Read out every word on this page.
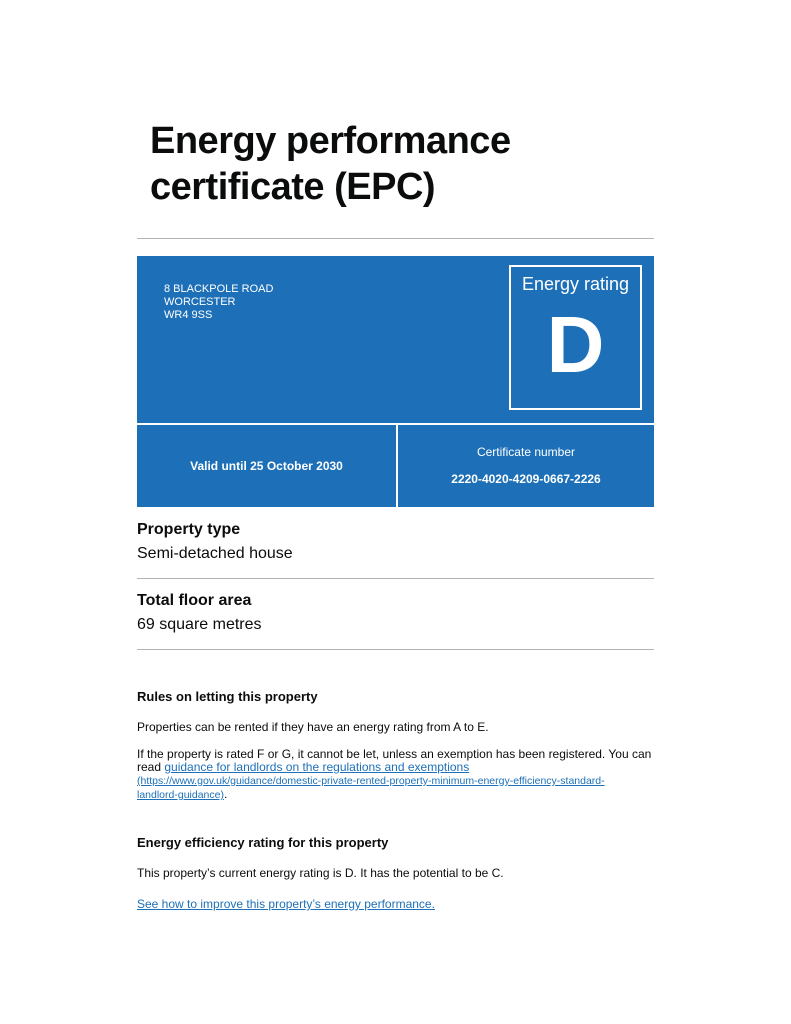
Energy performance
certificate (EPC)
8 BLACKPOLE ROAD
WORCESTER
WR4 9SS
Energy rating
D
Valid until 25 October 2030
Certificate number
2220-4020-4209-0667-2226

Property type

Semi-detached house

Total floor area

69 square metres

Rules on letting this property

Properties can be rented if they have an energy rating from A to E.

If the property is rated F or G, it cannot be let, unless an exemption has been registered. You can read guidance for landlords on the regulations and exemptions
(https://www.gov.uk/guidance/domestic-private-rented-property-minimum-energy-efficiency-standard-
landlord-guidance).

Energy efficiency rating for this property

This property’s current energy rating is D. It has the potential to be C.

See how to improve this property’s energy performance.
